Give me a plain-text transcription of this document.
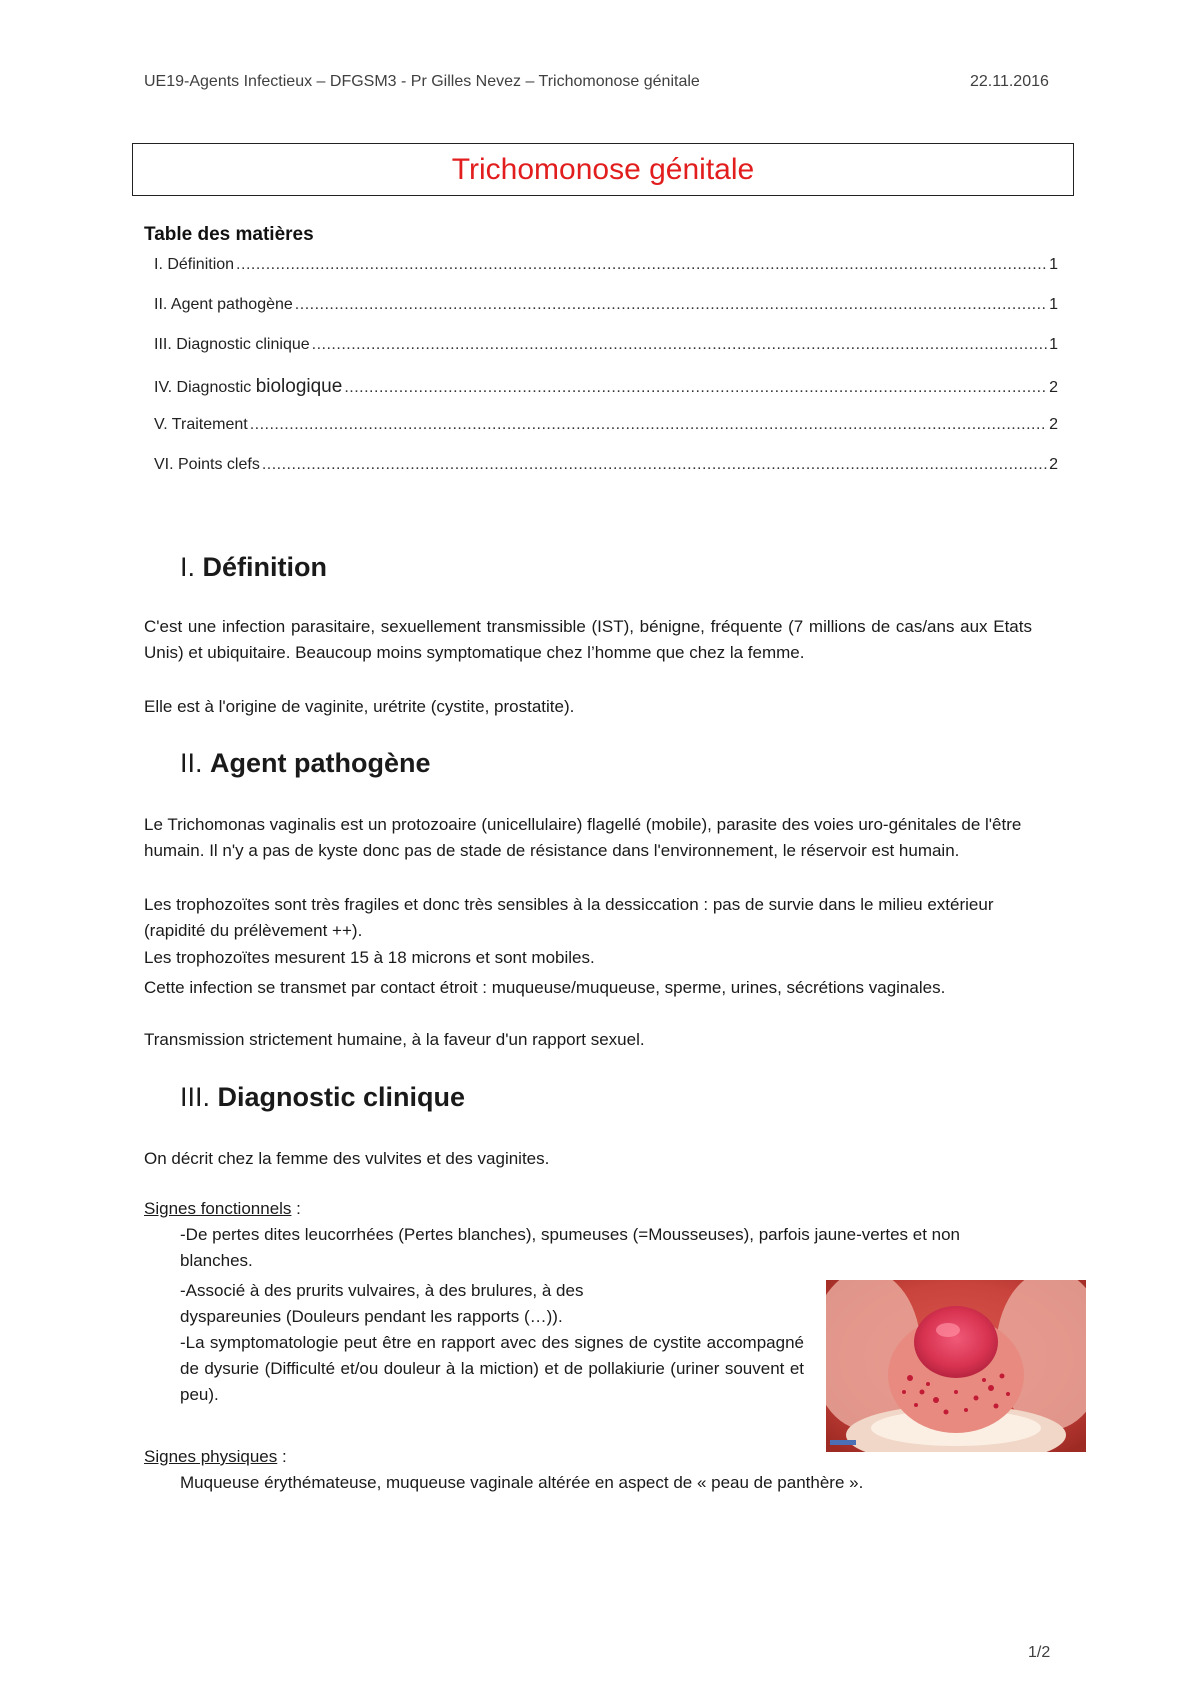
UE19-Agents Infectieux – DFGSM3 - Pr Gilles Nevez – Trichomonose génitale	22.11.2016
Trichomonose génitale
Table des matières
I. Définition .....	1
II. Agent pathogène .....	1
III. Diagnostic clinique .....	1
IV. Diagnostic biologique .....	2
V. Traitement .....	2
VI. Points clefs .....	2
I. Définition
C'est une infection parasitaire, sexuellement transmissible (IST), bénigne, fréquente (7 millions de cas/ans aux Etats Unis) et ubiquitaire. Beaucoup moins symptomatique chez l’homme que chez la femme.
Elle est à l'origine de vaginite, urétrite (cystite, prostatite).
II. Agent pathogène
Le Trichomonas vaginalis est un protozoaire (unicellulaire) flagellé (mobile), parasite des voies uro-génitales de l'être humain. Il n'y a pas de kyste donc pas de stade de résistance dans l'environnement, le réservoir est humain.
Les trophozoïtes sont très fragiles et donc très sensibles à la dessiccation : pas de survie dans le milieu extérieur (rapidité du prélèvement ++).
Les trophozoïtes mesurent 15 à 18 microns et sont mobiles.
Cette infection se transmet par contact étroit : muqueuse/muqueuse, sperme, urines, sécrétions vaginales.
Transmission strictement humaine, à la faveur d'un rapport sexuel.
III. Diagnostic clinique
On décrit chez la femme des vulvites et des vaginites.
Signes fonctionnels :
-De pertes dites leucorrhées (Pertes blanches), spumeuses (=Mousseuses), parfois jaune-vertes et non blanches.
-Associé à des prurits vulvaires, à des brulures, à des dyspareunies (Douleurs pendant les rapports (…)).
-La symptomatologie peut être en rapport avec des signes de cystite accompagné de dysurie (Difficulté et/ou douleur à la miction) et de pollakiurie (uriner souvent et peu).
Signes physiques :
Muqueuse érythémateuse, muqueuse vaginale altérée en aspect de « peau de panthère ».
1/2
